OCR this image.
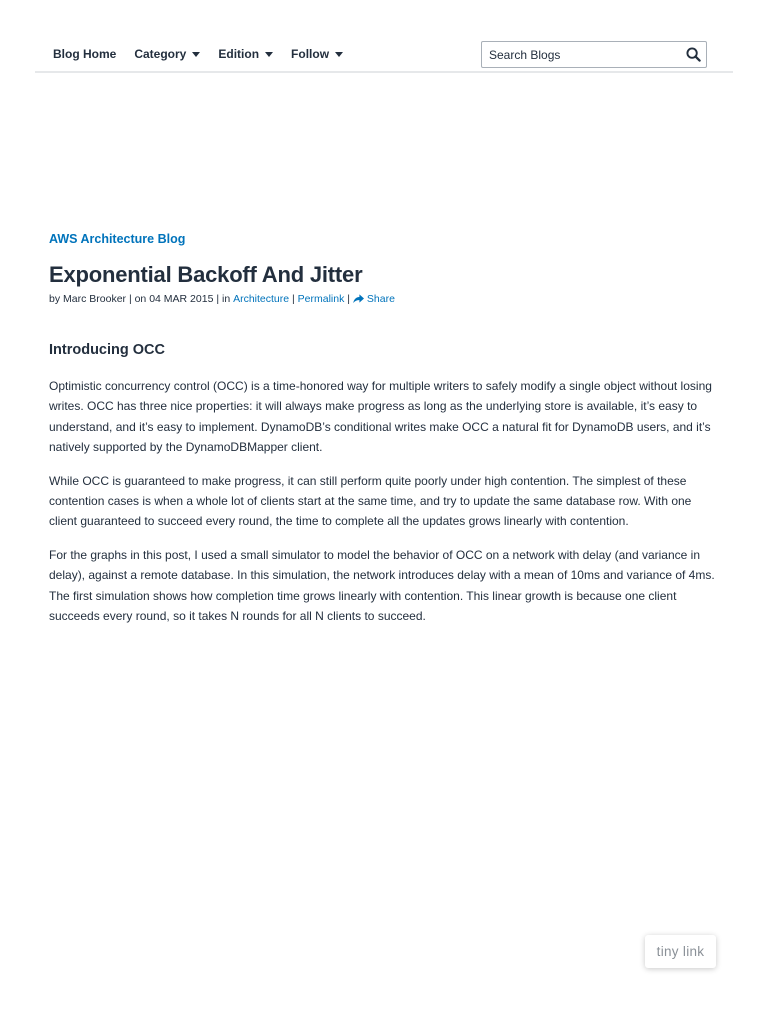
Blog Home Category	Edition	Follow
Search Blogs
AWS Architecture Blog
Exponential Backoff And Jitter
by
Marc Brooker | on 04 MAR 2015 | in Architecture | Permalink | Share
Introducing OCC

Optimistic concurrency control (OCC) is a time-honored way for multiple writers to safely modify a single object without losing writes. OCC has three nice properties: it will always make progress as long as the underlying store is available, it’s easy to understand, and it’s easy to implement. DynamoDB’s conditional writes make OCC a natural fit for DynamoDB users, and it’s natively supported by the DynamoDBMapper client.

While OCC is guaranteed to make progress, it can still perform quite poorly under high contention. The simplest of these contention cases is when a whole lot of clients start at the same time, and try to update the same database row. With one client guaranteed to succeed every round, the time to complete all the updates grows linearly with contention.

For the graphs in this post, I used a small simulator to model the behavior of OCC on a network with delay (and variance in delay), against a remote database. In this simulation, the network introduces delay with a mean of 10ms and variance of 4ms. The first simulation shows how completion time grows linearly with contention. This linear growth is because one client succeeds every round, so it takes N rounds for all N clients to succeed.

tiny link
